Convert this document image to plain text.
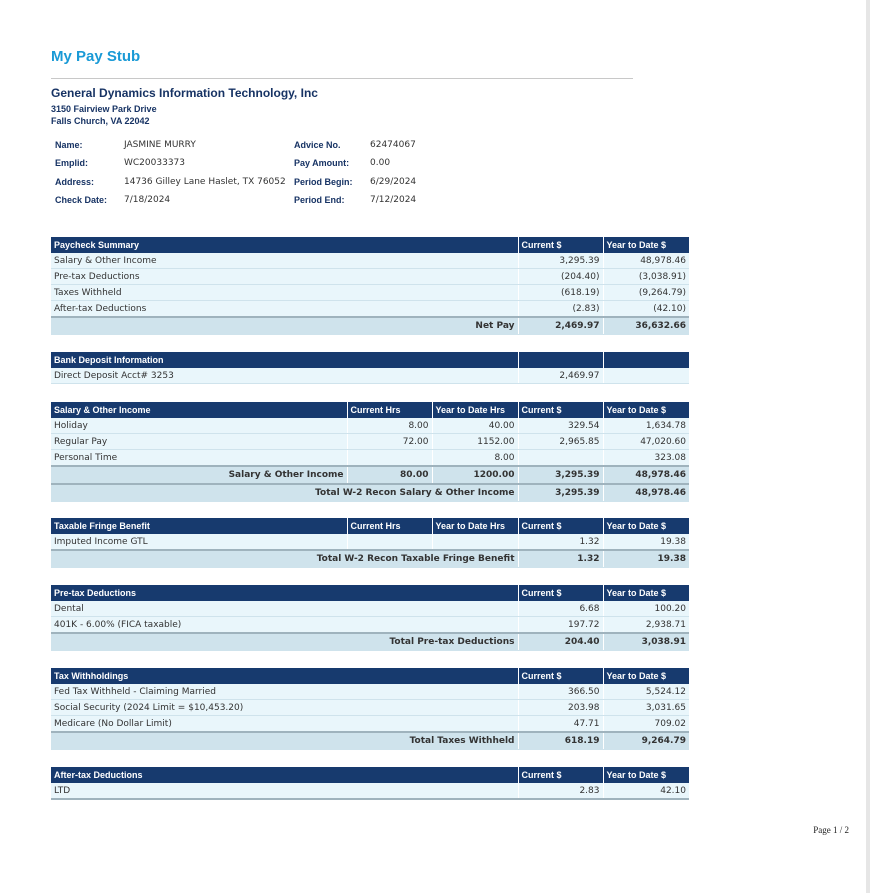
My Pay Stub
General Dynamics Information Technology, Inc
3150 Fairview Park Drive
Falls Church, VA 22042
Name:	JASMINE MURRY
Emplid:	WC20033373
Address:	14736 Gilley Lane Haslet, TX 76052
Check Date: 7/18/2024
Advice No.	62474067
Pay Amount: 0.00
Period Begin: 6/29/2024
Period End:	7/12/2024
Paycheck Summary	Current $	Year to Date $
Salary & Other Income	3,295.39	48,978.46
Pre-tax Deductions	(204.40)	(3,038.91)
Taxes Withheld	(618.19)	(9,264.79)
After-tax Deductions	(2.83)	(42.10)
Net Pay	2,469.97	36,632.66
Bank Deposit Information		
Direct Deposit Acct# 3253	2,469.97	
Salary & Other Income	Current Hrs	Year to Date Hrs	Current $	Year to Date $
Holiday	8.00	40.00	329.54	1,634.78
Regular Pay	72.00	1152.00	2,965.85	47,020.60
Personal Time		8.00		323.08
Salary & Other Income	80.00	1200.00	3,295.39	48,978.46
Total W-2 Recon Salary & Other Income			3,295.39	48,978.46
Taxable Fringe Benefit	Current Hrs	Year to Date Hrs	Current $	Year to Date $
Imputed Income GTL			1.32	19.38
Total W-2 Recon Taxable Fringe Benefit			1.32	19.38
Pre-tax Deductions	Current $	Year to Date $
Dental	6.68	100.20
401K - 6.00% (FICA taxable)	197.72	2,938.71
Total Pre-tax Deductions	204.40	3,038.91
Tax Withholdings	Current $	Year to Date $
Fed Tax Withheld - Claiming Married	366.50	5,524.12
Social Security (2024 Limit = $10,453.20)	203.98	3,031.65
Medicare (No Dollar Limit)	47.71	709.02
Total Taxes Withheld	618.19	9,264.79
After-tax Deductions	Current $	Year to Date $
LTD	2.83	42.10
Page 1 / 2
